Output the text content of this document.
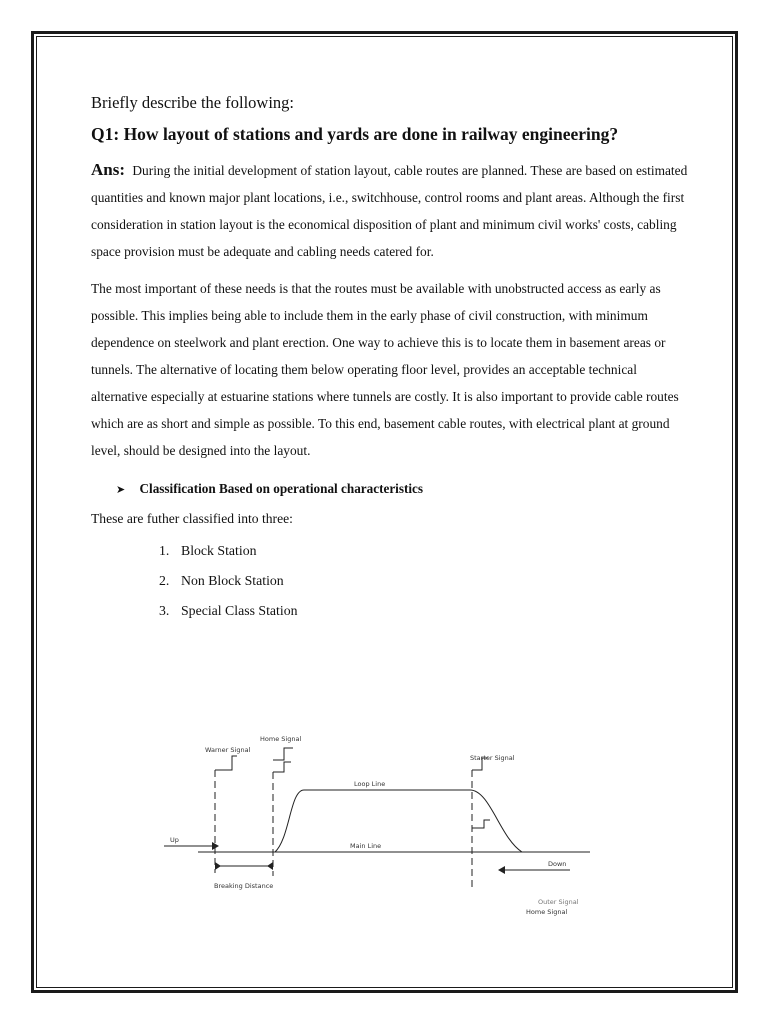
Briefly describe the following:

Q1: How layout of stations and yards are done in railway engineering?

Ans: During the initial development of station layout, cable routes are planned. These are based on estimated quantities and known major plant locations, i.e., switchhouse, control rooms and plant areas. Although the first consideration in station layout is the economical disposition of plant and minimum civil works' costs, cabling space provision must be adequate and cabling needs catered for.

The most important of these needs is that the routes must be available with unobstructed access as early as possible. This implies being able to include them in the early phase of civil construction, with minimum dependence on steelwork and plant erection. One way to achieve this is to locate them in basement areas or tunnels. The alternative of locating them below operating floor level, provides an acceptable technical alternative especially at estuarine stations where tunnels are costly. It is also important to provide cable routes which are as short and simple as possible. To this end, basement cable routes, with electrical plant at ground level, should be designed into the layout.

➤ Classification Based on operational characteristics
These are futher classified into three:
1. Block Station
2. Non Block Station
3. Special Class Station
Warner Signal
Home Signal
Starter Signal
Loop Line
Main Line
Up
Down
Breaking Distance
Home Signal
Outer Signal
